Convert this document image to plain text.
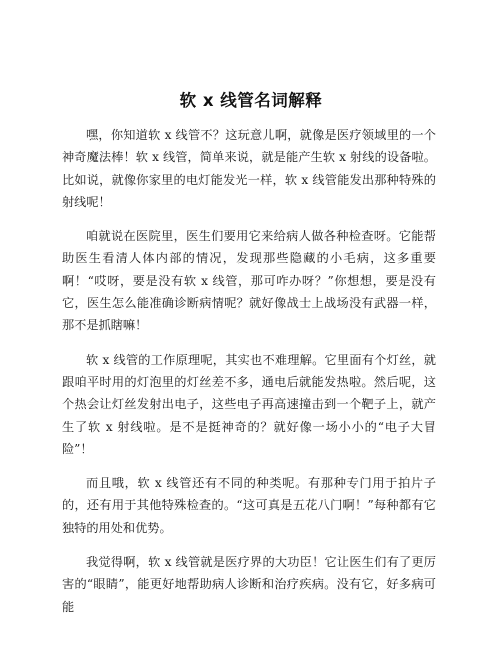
软 x 线管名词解释

嘿，你知道软 x 线管不？这玩意儿啊，就像是医疗领域里的一个神奇魔法棒！软 x 线管，简单来说，就是能产生软 x 射线的设备啦。比如说，就像你家里的电灯能发光一样，软 x 线管能发出那种特殊的射线呢！

咱就说在医院里，医生们要用它来给病人做各种检查呀。它能帮助医生看清人体内部的情况，发现那些隐藏的小毛病，这多重要啊！“哎呀，要是没有软 x 线管，那可咋办呀？”你想想，要是没有它，医生怎么能准确诊断病情呢？就好像战士上战场没有武器一样，那不是抓瞎嘛！

软 x 线管的工作原理呢，其实也不难理解。它里面有个灯丝，就跟咱平时用的灯泡里的灯丝差不多，通电后就能发热啦。然后呢，这个热会让灯丝发射出电子，这些电子再高速撞击到一个靶子上，就产生了软 x 射线啦。是不是挺神奇的？就好像一场小小的“电子大冒险”！

而且哦，软 x 线管还有不同的种类呢。有那种专门用于拍片子的，还有用于其他特殊检查的。“这可真是五花八门啊！”每种都有它独特的用处和优势。

我觉得啊，软 x 线管就是医疗界的大功臣！它让医生们有了更厉害的“眼睛”，能更好地帮助病人诊断和治疗疾病。没有它，好多病可能
